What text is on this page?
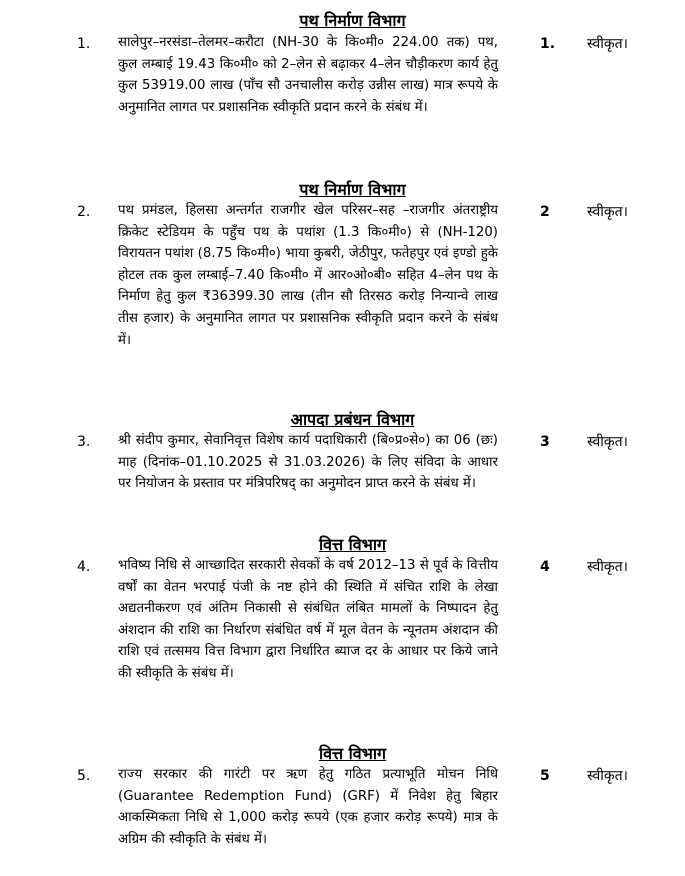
पथ निर्माण विभाग
1. सालेपुर–नरसंडा–तेलमर–करौटा (NH-30 के कि०मी० 224.00 तक) पथ, कुल लम्बाई 19.43 कि०मी० को 2–लेन से बढ़ाकर 4–लेन चौड़ीकरण कार्य हेतु कुल 53919.00 लाख (पाँच सौ उनचालीस करोड़ उन्नीस लाख) मात्र रूपये के अनुमानित लागत पर प्रशासनिक स्वीकृति प्रदान करने के संबंध में।
1. स्वीकृत।
पथ निर्माण विभाग
2. पथ प्रमंडल, हिलसा अन्तर्गत राजगीर खेल परिसर–सह –राजगीर अंतराष्ट्रीय क्रिकेट स्टेडियम के पहुँच पथ के पथांश (1.3 कि०मी०) से (NH-120) विरायतन पथांश (8.75 कि०मी०) भाया कुबरी, जेठीपुर, फतेहपुर एवं इण्डो हुके होटल तक कुल लम्बाई–7.40 कि०मी० में आर०ओ०बी० सहित 4–लेन पथ के निर्माण हेतु कुल ₹36399.30 लाख (तीन सौ तिरसठ करोड़ निन्यान्वे लाख तीस हजार) के अनुमानित लागत पर प्रशासनिक स्वीकृति प्रदान करने के संबंध में।
2	स्वीकृत।
आपदा प्रबंधन विभाग
3. श्री संदीप कुमार, सेवानिवृत्त विशेष कार्य पदाधिकारी (बि०प्र०से०) का 06 (छः) माह (दिनांक–01.10.2025 से 31.03.2026) के लिए संविदा के आधार पर नियोजन के प्रस्ताव पर मंत्रिपरिषद् का अनुमोदन प्राप्त करने के संबंध में।
3	स्वीकृत।
वित्त विभाग
4. भविष्य निधि से आच्छादित सरकारी सेवकों के वर्ष 2012–13 से पूर्व के वित्तीय वर्षों का वेतन भरपाई पंजी के नष्ट होने की स्थिति में संचित राशि के लेखा अद्यतनीकरण एवं अंतिम निकासी से संबंधित लंबित मामलों के निष्पादन हेतु अंशदान की राशि का निर्धारण संबंधित वर्ष में मूल वेतन के न्यूनतम अंशदान की राशि एवं तत्समय वित्त विभाग द्वारा निर्धारित ब्याज दर के आधार पर किये जाने की स्वीकृति के संबंध में।
4	स्वीकृत।
वित्त विभाग
5. राज्य सरकार की गारंटी पर ऋण हेतु गठित प्रत्याभूति मोचन निधि (Guarantee Redemption Fund) (GRF) में निवेश हेतु बिहार आकस्मिकता निधि से 1,000 करोड़ रूपये (एक हजार करोड़ रूपये) मात्र के अग्रिम की स्वीकृति के संबंध में।
5	स्वीकृत।
